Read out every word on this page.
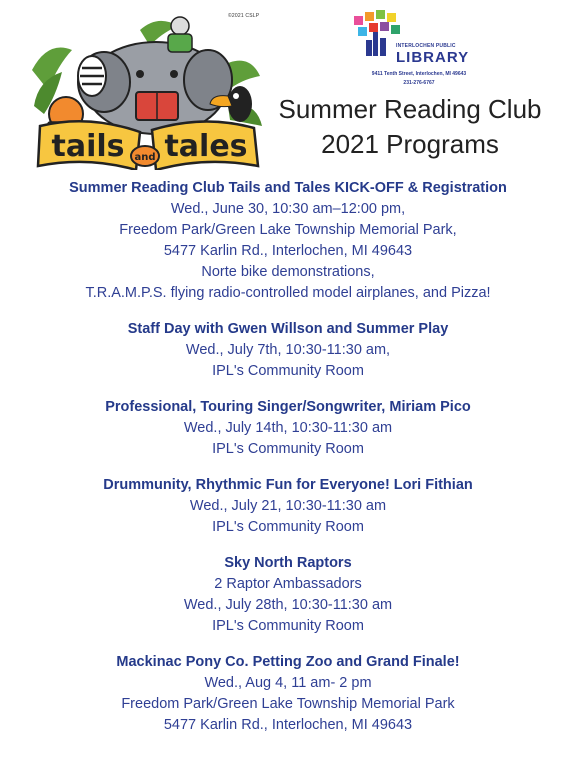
©2021 CSLP
tails and tales
INTERLOCHEN PUBLIC
LIBRARY
9411 Tenth Street, Interlochen, MI 49643
231-276-6767
Summer Reading Club
2021 Programs
Summer Reading Club Tails and Tales KICK-OFF & Registration
Wed., June 30, 10:30 am–12:00 pm,
Freedom Park/Green Lake Township Memorial Park,
5477 Karlin Rd., Interlochen, MI 49643
Norte bike demonstrations,
T.R.A.M.P.S. flying radio-controlled model airplanes, and Pizza!
Staff Day with Gwen Willson and Summer Play
Wed., July 7th, 10:30-11:30 am,
IPL's Community Room
Professional, Touring Singer/Songwriter, Miriam Pico
Wed., July 14th, 10:30-11:30 am
IPL's Community Room
Drummunity, Rhythmic Fun for Everyone! Lori Fithian
Wed., July 21, 10:30-11:30 am
IPL's Community Room
Sky North Raptors
2 Raptor Ambassadors
Wed., July 28th, 10:30-11:30 am
IPL's Community Room
Mackinac Pony Co. Petting Zoo and Grand Finale!
Wed., Aug 4, 11 am- 2 pm
Freedom Park/Green Lake Township Memorial Park
5477 Karlin Rd., Interlochen, MI 49643
